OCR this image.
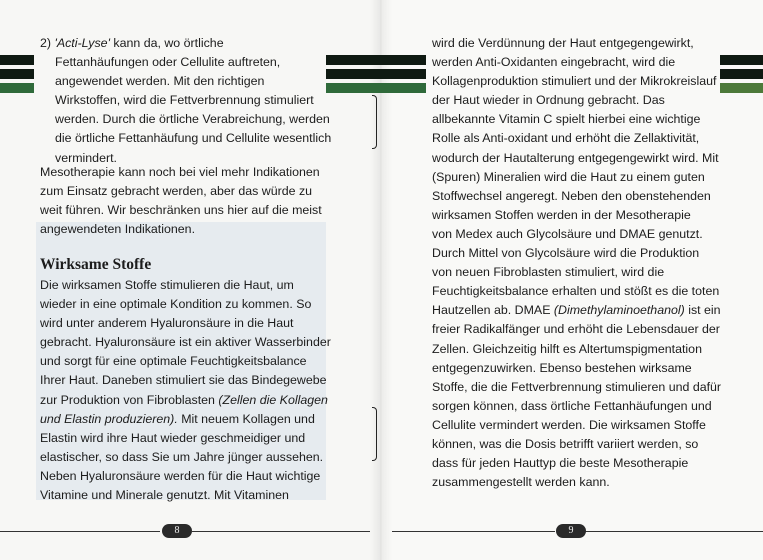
2) 'Acti-Lyse' kann da, wo örtliche
Fettanhäufungen oder Cellulite auftreten,
angewendet werden. Mit den richtigen
Wirkstoffen, wird die Fettverbrennung stimuliert
werden. Durch die örtliche Verabreichung, werden
die örtliche Fettanhäufung und Cellulite wesentlich
vermindert.
Mesotherapie kann noch bei viel mehr Indikationen
zum Einsatz gebracht werden, aber das würde zu
weit führen. Wir beschränken uns hier auf die meist
angewendeten Indikationen.
Wirksame Stoffe
Die wirksamen Stoffe stimulieren die Haut, um
wieder in eine optimale Kondition zu kommen. So
wird unter anderem Hyaluronsäure in die Haut
gebracht. Hyaluronsäure ist ein aktiver Wasserbinder
und sorgt für eine optimale Feuchtigkeitsbalance
Ihrer Haut. Daneben stimuliert sie das Bindegewebe
zur Produktion von Fibroblasten (Zellen die Kollagen
und Elastin produzieren). Mit neuem Kollagen und
Elastin wird ihre Haut wieder geschmeidiger und
elastischer, so dass Sie um Jahre jünger aussehen.
Neben Hyaluronsäure werden für die Haut wichtige
Vitamine und Minerale genutzt. Mit Vitaminen
wird die Verdünnung der Haut entgegengewirkt,
werden Anti-Oxidanten eingebracht, wird die
Kollagenproduktion stimuliert und der Mikrokreislauf
der Haut wieder in Ordnung gebracht. Das
allbekannte Vitamin C spielt hierbei eine wichtige
Rolle als Anti-oxidant und erhöht die Zellaktivität,
wodurch der Hautalterung entgegengewirkt wird. Mit
(Spuren) Mineralien wird die Haut zu einem guten
Stoffwechsel angeregt. Neben den obenstehenden
wirksamen Stoffen werden in der Mesotherapie
von Medex auch Glycolsäure und DMAE genutzt.
Durch Mittel von Glycolsäure wird die Produktion
von neuen Fibroblasten stimuliert, wird die
Feuchtigkeitsbalance erhalten und stößt es die toten
Hautzellen ab. DMAE (Dimethylaminoethanol) ist ein
freier Radikalfänger und erhöht die Lebensdauer der
Zellen. Gleichzeitig hilft es Altertumspigmentation
entgegenzuwirken. Ebenso bestehen wirksame
Stoffe, die die Fettverbrennung stimulieren und dafür
sorgen können, dass örtliche Fettanhäufungen und
Cellulite vermindert werden. Die wirksamen Stoffe
können, was die Dosis betrifft variiert werden, so
dass für jeden Hauttyp die beste Mesotherapie
zusammengestellt werden kann.
8	9
